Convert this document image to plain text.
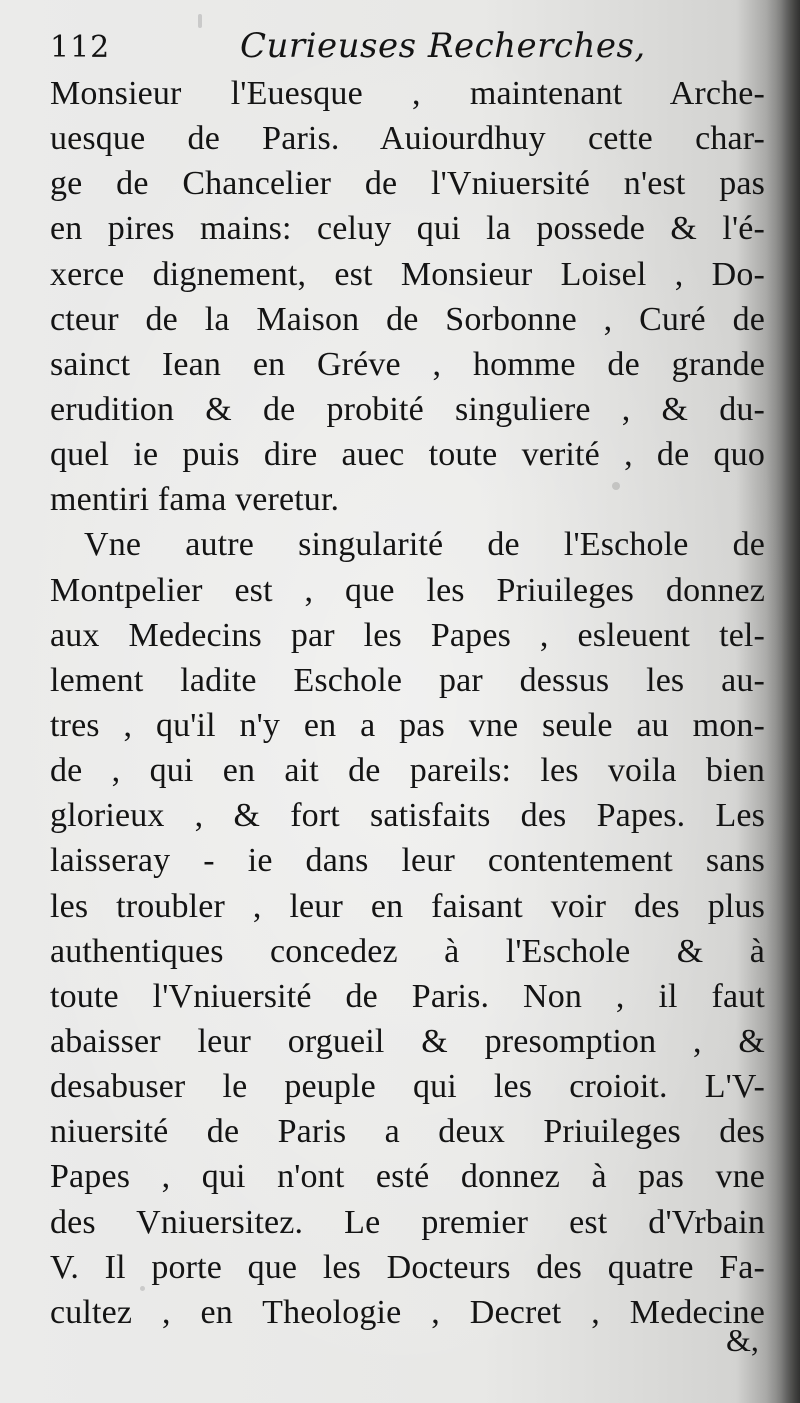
112	Curieuses Recherches,
Monsieur l'Euesque , maintenant Arche-
uesque de Paris. Auiourdhuy cette char-
ge de Chancelier de l'Vniuersité n'est pas
en pires mains: celuy qui la possede & l'é-
xerce dignement, est Monsieur Loisel , Do-
cteur de la Maison de Sorbonne , Curé de
sainct Iean en Gréve , homme de grande
erudition & de probité singuliere , & du-
quel ie puis dire auec toute verité , de quo
mentiri fama veretur.
Vne autre singularité de l'Eschole de
Montpelier est , que les Priuileges donnez
aux Medecins par les Papes , esleuent tel-
lement ladite Eschole par dessus les au-
tres , qu'il n'y en a pas vne seule au mon-
de , qui en ait de pareils: les voila bien
glorieux , & fort satisfaits des Papes. Les
laisseray - ie dans leur contentement sans
les troubler , leur en faisant voir des plus
authentiques concedez à l'Eschole & à
toute l'Vniuersité de Paris. Non , il faut
abaisser leur orgueil & presomption , &
desabuser le peuple qui les croioit. L'V-
niuersité de Paris a deux Priuileges des
Papes , qui n'ont esté donnez à pas vne
des Vniuersitez. Le premier est d'Vrbain
V. Il porte que les Docteurs des quatre Fa-
cultez , en Theologie , Decret , Medecine
&,
